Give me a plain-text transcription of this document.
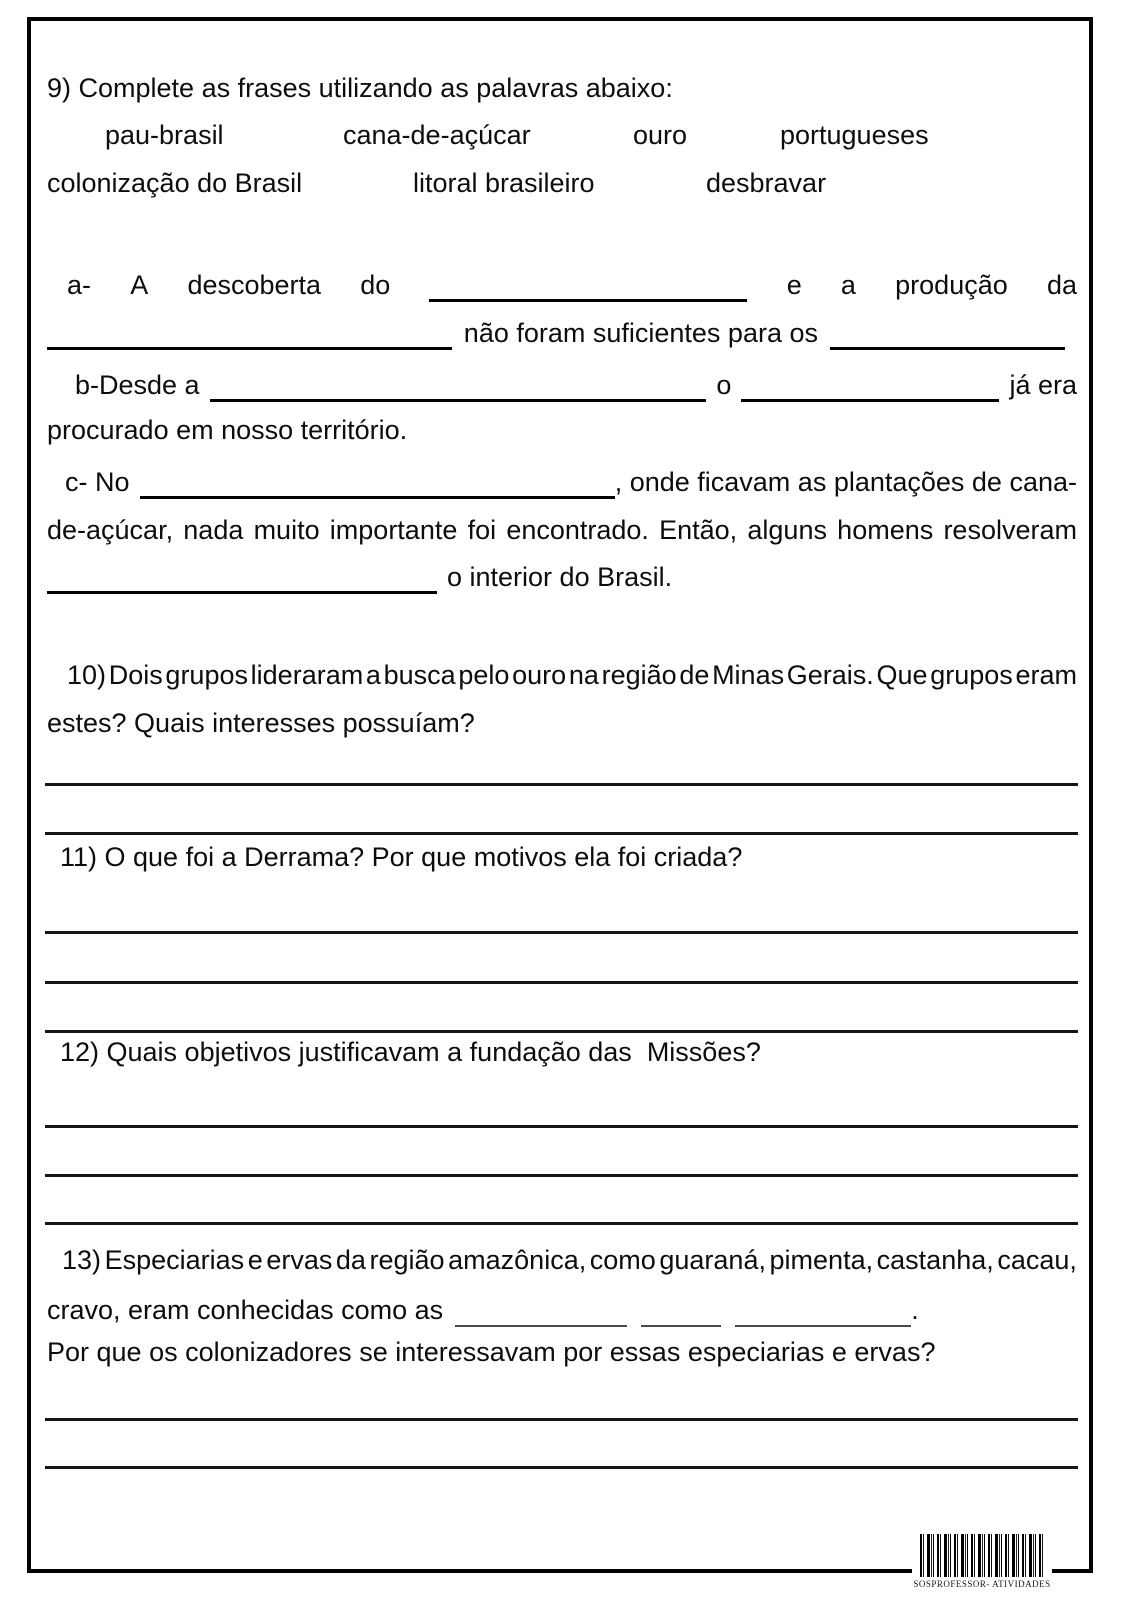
9) Complete as frases utilizando as palavras abaixo:
pau-brasil	cana-de-açúcar	ouro	portugueses
colonização do Brasil	litoral brasileiro	desbravar
a- A descoberta do	e a produção da
não foram suficientes para os
b-Desde a	o	já era
procurado em nosso território.
c- No	, onde ficavam as plantações de cana-
de-açúcar, nada muito importante foi encontrado. Então, alguns homens resolveram
o interior do Brasil.
10) Dois grupos lideraram a busca pelo ouro na região de Minas Gerais. Que grupos eram
estes? Quais interesses possuíam?
11) O que foi a Derrama? Por que motivos ela foi criada?
12) Quais objetivos justificavam a fundação das  Missões?
13) Especiarias e ervas da região amazônica, como guaraná, pimenta, castanha, cacau,
cravo, eram conhecidas como as	.
Por que os colonizadores se interessavam por essas especiarias e ervas?
SOSPROFESSOR- ATIVIDADES
